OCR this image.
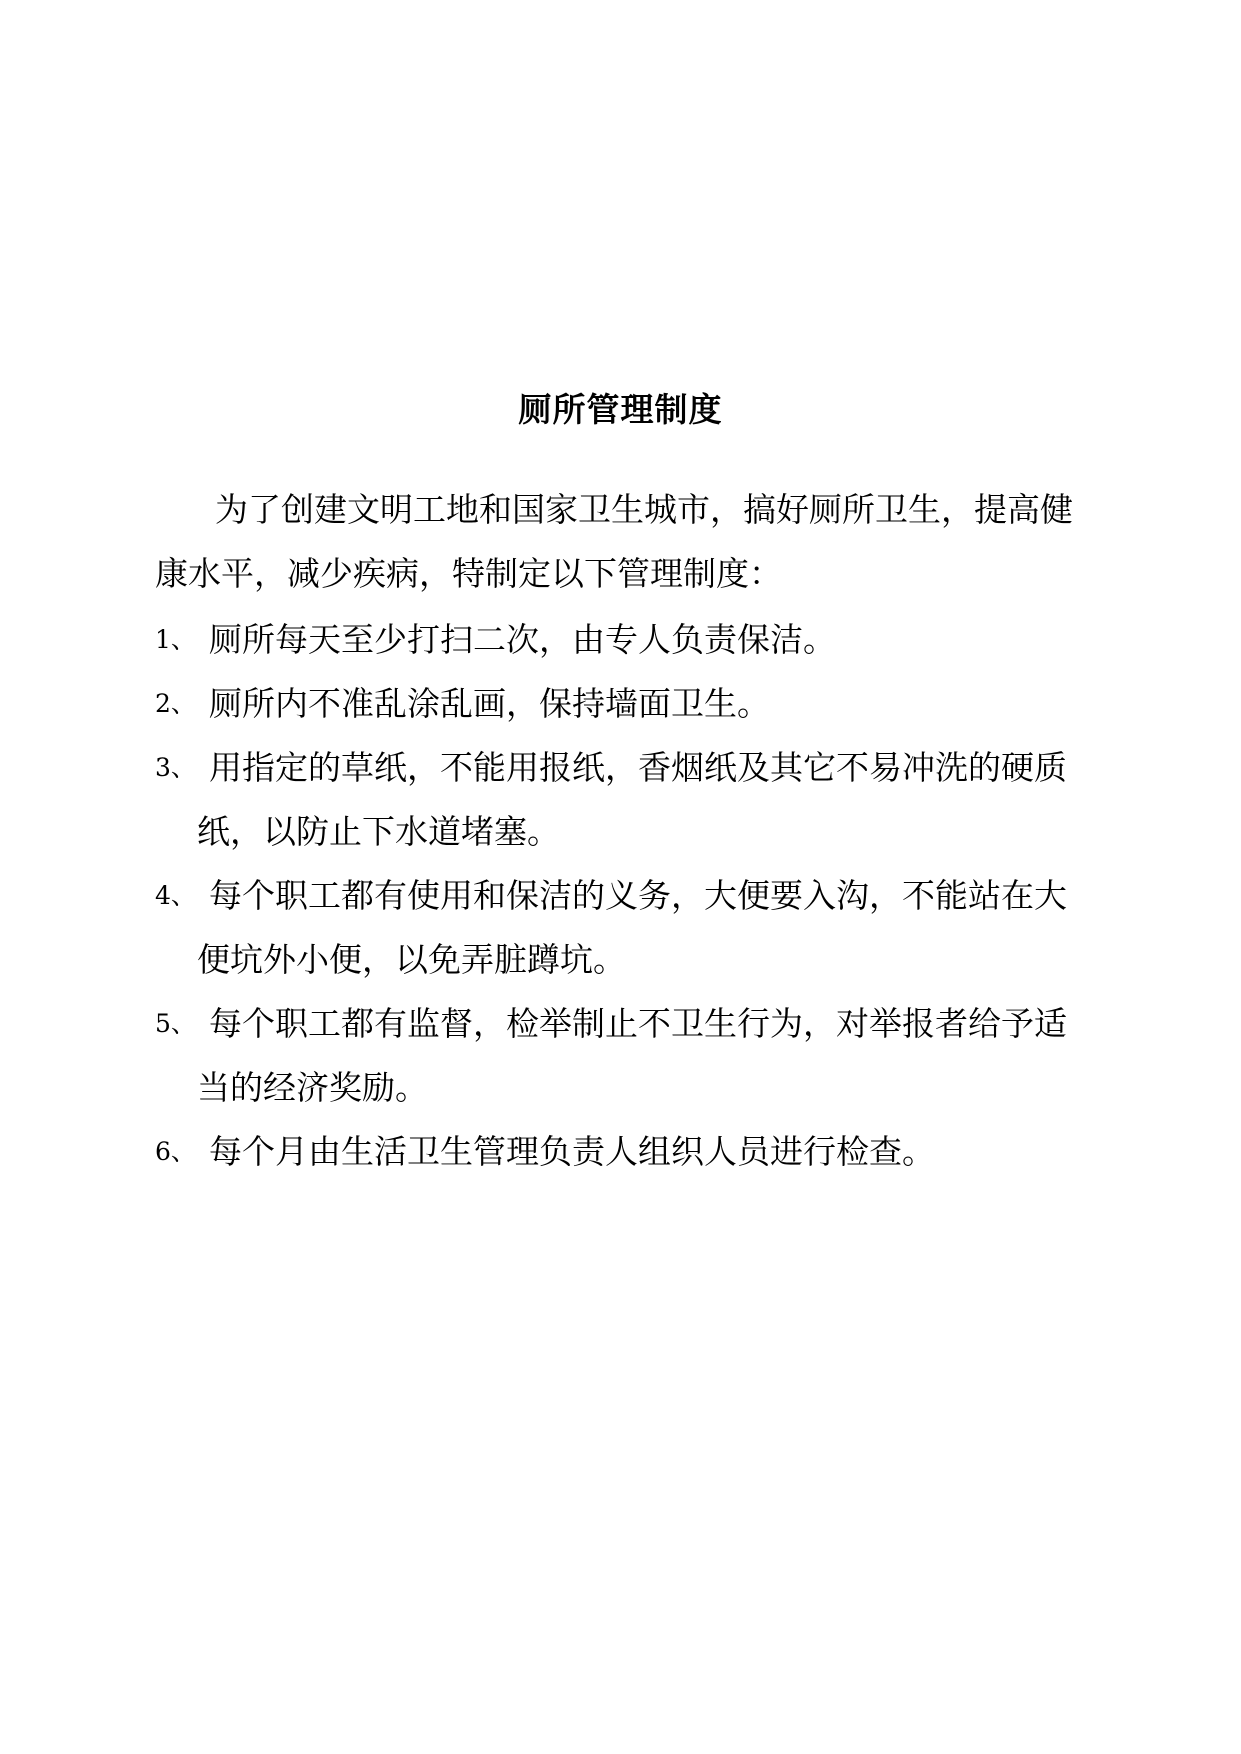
厕所管理制度
为了创建文明工地和国家卫生城市，搞好厕所卫生，提高健
康水平，减少疾病，特制定以下管理制度：
1、 厕所每天至少打扫二次，由专人负责保洁。
2、 厕所内不准乱涂乱画，保持墙面卫生。
3、 用指定的草纸，不能用报纸，香烟纸及其它不易冲洗的硬质
纸，以防止下水道堵塞。
4、 每个职工都有使用和保洁的义务，大便要入沟，不能站在大
便坑外小便，以免弄脏蹲坑。
5、 每个职工都有监督，检举制止不卫生行为，对举报者给予适
当的经济奖励。
6、 每个月由生活卫生管理负责人组织人员进行检查。
